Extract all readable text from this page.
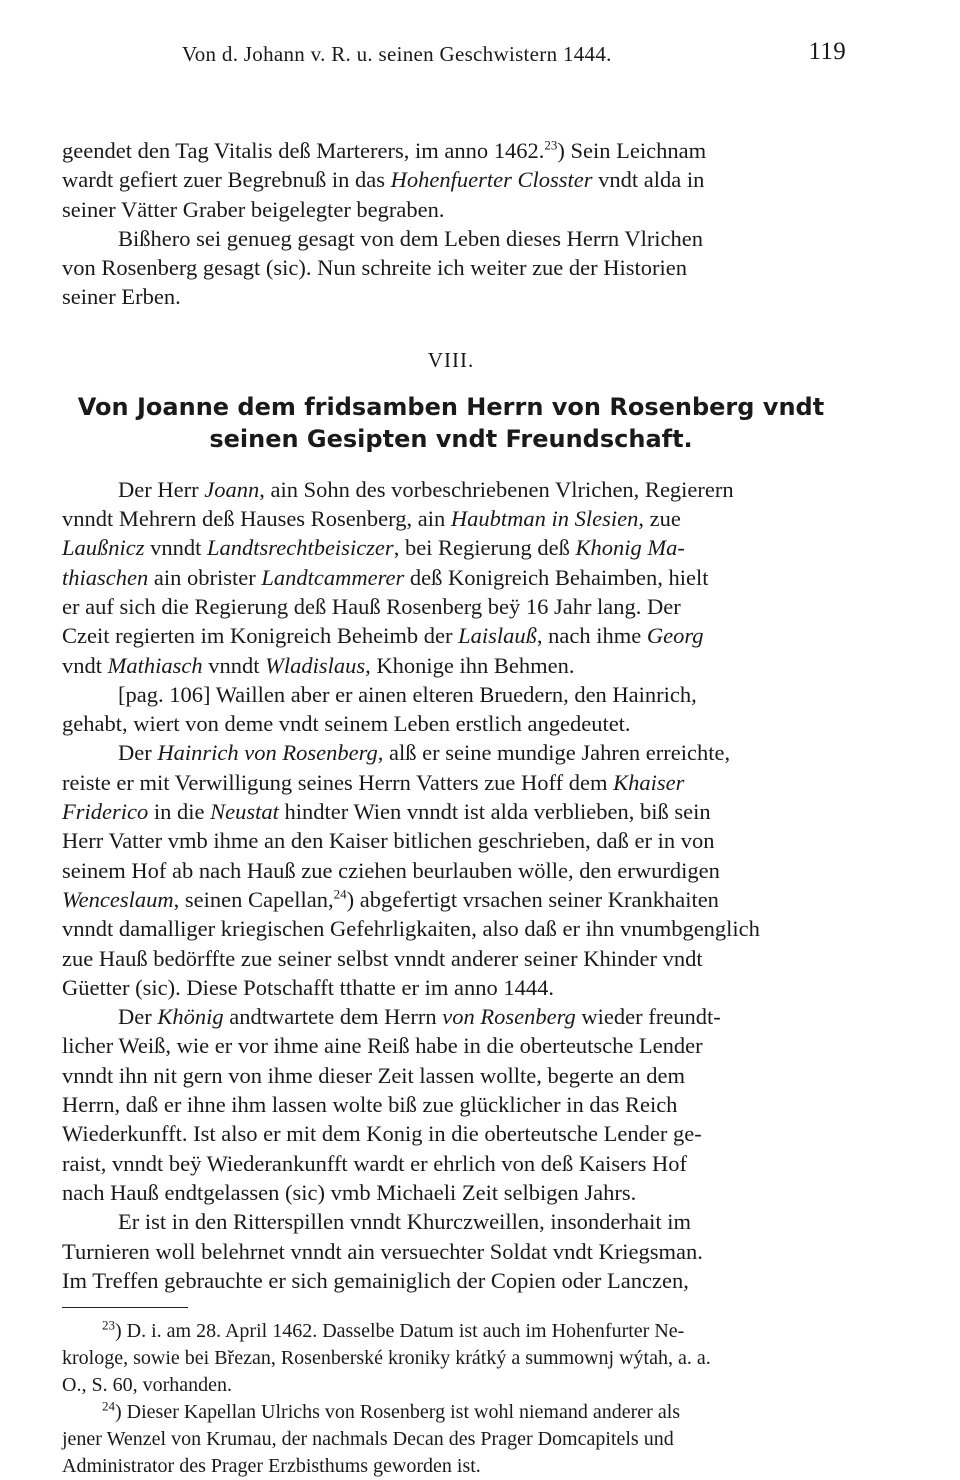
Von d. Johann v. R. u. seinen Geschwistern 1444.	119

geendet den Tag Vitalis deß Marterers, im anno 1462.23) Sein Leichnam
wardt gefiert zuer Begrebnuß in das Hohenfuerter Closster vndt alda in
seiner Vätter Graber beigelegter begraben.

Bißhero sei genueg gesagt von dem Leben dieses Herrn Vlrichen
von Rosenberg gesagt (sic). Nun schreite ich weiter zue der Historien
seiner Erben.

VIII.
Von Joanne dem fridsamben Herrn von Rosenberg vndt
seinen Gesipten vndt Freundschaft.

Der Herr Joann, ain Sohn des vorbeschriebenen Vlrichen, Regierern
vnndt Mehrern deß Hauses Rosenberg, ain Haubtman in Slesien, zue
Laußnicz vnndt Landtsrechtbeisiczer, bei Regierung deß Khonig Ma-
thiaschen ain obrister Landtcammerer deß Konigreich Behaimben, hielt
er auf sich die Regierung deß Hauß Rosenberg beÿ 16 Jahr lang. Der
Czeit regierten im Konigreich Beheimb der Laislauß, nach ihme Georg
vndt Mathiasch vnndt Wladislaus, Khonige ihn Behmen.

[pag. 106] Waillen aber er ainen elteren Bruedern, den Hainrich,
gehabt, wiert von deme vndt seinem Leben erstlich angedeutet.

Der Hainrich von Rosenberg, alß er seine mundige Jahren erreichte,
reiste er mit Verwilligung seines Herrn Vatters zue Hoff dem Khaiser
Friderico in die Neustat hindter Wien vnndt ist alda verblieben, biß sein
Herr Vatter vmb ihme an den Kaiser bitlichen geschrieben, daß er in von
seinem Hof ab nach Hauß zue cziehen beurlauben wölle, den erwurdigen
Wenceslaum, seinen Capellan,$^{24}$) abgefertigt vrsachen seiner Krankhaiten
vnndt damalliger kriegischen Gefehrligkaiten, also daß er ihn vnumbgenglich
zue Hauß bedörffte zue seiner selbst vnndt anderer seiner Khinder vndt
Güetter (sic). Diese Potschafft tthatte er im anno 1444.

Der Khönig andtwartete dem Herrn von Rosenberg wieder freundt-
licher Weiß, wie er vor ihme aine Reiß habe in die oberteutsche Lender
vnndt ihn nit gern von ihme dieser Zeit lassen wollte, begerte an dem
Herrn, daß er ihne ihm lassen wolte biß zue glücklicher in das Reich
Wiederkunfft. Ist also er mit dem Konig in die oberteutsche Lender ge-
raist, vnndt beÿ Wiederankunfft wardt er ehrlich von deß Kaisers Hof
nach Hauß endtgelassen (sic) vmb Michaeli Zeit selbigen Jahrs.

Er ist in den Ritterspillen vnndt Khurczweillen, insonderhait im
Turnieren woll belehrnet vnndt ain versuechter Soldat vndt Kriegsman.
Im Treffen gebrauchte er sich gemainiglich der Copien oder Lanczen,

$^{23}$) D. i. am 28. April 1462. Dasselbe Datum ist auch im Hohenfurter Ne-
krologe, sowie bei Březan, Rosenberské kroniky krátký a summownj wýtah, a. a.
O., S. 60, vorhanden.

$^{24}$) Dieser Kapellan Ulrichs von Rosenberg ist wohl niemand anderer als
jener Wenzel von Krumau, der nachmals Decan des Prager Domcapitels und
Administrator des Prager Erzbisthums geworden ist.
